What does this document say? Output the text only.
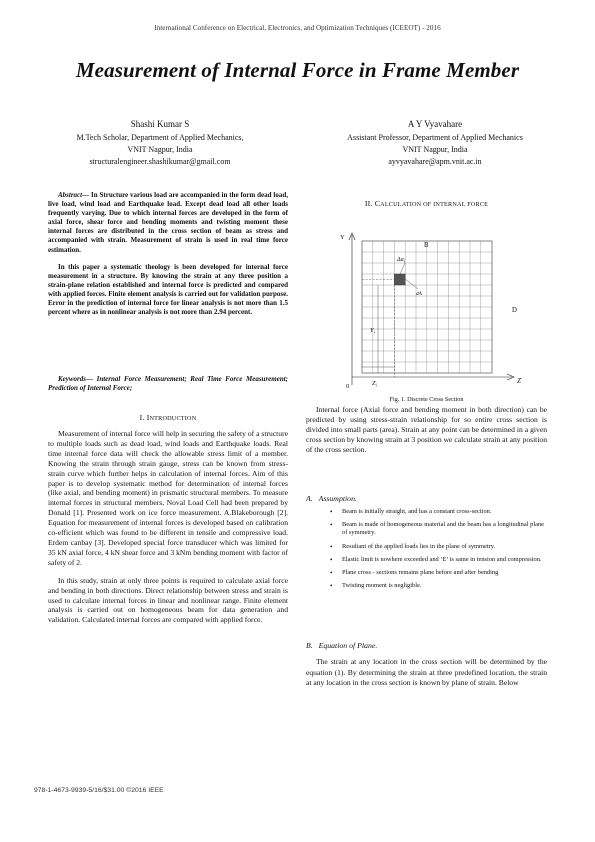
International Conference on Electrical, Electronics, and Optimization Techniques (ICEEOT) - 2016
Measurement of Internal Force in Frame Member
Shashi Kumar S
M.Tech Scholar, Department of Applied Mechanics,
VNIT Nagpur, India
structuralengineer.shashikumar@gmail.com
A Y Vyavahare
Assistant Professor, Department of Applied Mechanics
VNIT Nagpur, India
ayvyavahare@apm.vnit.ac.in

Abstract— In Structure various load are accompanied in the form dead load, live load, wind load and Earthquake load. Except dead load all other loads frequently varying. Due to which internal forces are developed in the form of axial force, shear force and bending moments and twisting moment these internal forces are distributed in the cross section of beam as stress and accompanied with strain. Measurement of strain is used in real time force estimation.

In this paper a systematic theology is been developed for internal force measurement in a structure. By knowing the strain at any three position a strain-plane relation established and internal force is predicted and compared with applied forces. Finite element analysis is carried out for validation purpose. Error in the prediction of internal force for linear analysis is not more than 1.5 percent where as in nonlinear analysis is not more than 2.94 percent.

Keywords— Internal Force Measurement; Real Time Force Measurement; Prediction of Internal Force;
I. INTRODUCTION

Measurement of internal force will help in securing the safety of a structure to multiple loads such as dead load, wind loads and Earthquake loads. Real time internal force data will check the allowable stress limit of a member. Knowing the strain through strain gauge, stress can be known from stress-strain curve which further helps in calculation of internal forces. Aim of this paper is to develop systematic method for determination of internal forces (like axial, and bending moment) in prismatic structural members. To measure internal forces in structural members, Noval Load Cell had been prepared by Donald [1]. Presented work on ice force measurement. A.Blakeborough [2]. Equation for measurement of internal forces is developed based on calibration co-efficient which was found to be different in tensile and compressive load. Erdem canbay [3]. Developed special force transducer which was limited for 35 kN axial force, 4 kN shear force and 3 kNm bending moment with factor of safety of 2.

In this study, strain at only three points is required to calculate axial force and bending in both directions. Direct relationship between stress and strain is used to calculate internal forces in linear and nonlinear range. Finite element analysis is carried out on homogeneous beam for data generation and validation. Calculated internal forces are compared with applied force.

II. CALCULATION OF INTERNAL FORCE
Y
Z
0
B
D
$\Delta a_i$
dA
$Y_i$
$Z_i$
Fig. 1. Discrete Cross Section

Internal force (Axial force and bending moment in both direction) can be predicted by using stress-strain relationship for so entire cross section is divided into small parts (area). Strain at any point can be determined in a given cross section by knowing strain at 3 position we calculate strain at any position of the cross section.

A. Assumption.
• Beam is initially straight, and has a constant cross-section.
• Beam is made of homogeneous material and the beam has a longitudinal plane of symmetry.
• Resultant of the applied loads lies in the plane of symmetry.
• Elastic limit is nowhere exceeded and ‘E’ is same in tension and compression.
• Plane cross - sections remains plane before and after bending
• Twisting moment is negligible.
B. Equation of Plane.

The strain at any location in the cross section will be determined by the equation (1). By determining the strain at three predefined location, the strain at any location in the cross section is known by plane of strain. Below

978-1-4673-9939-5/16/$31.00 ©2016 IEEE
